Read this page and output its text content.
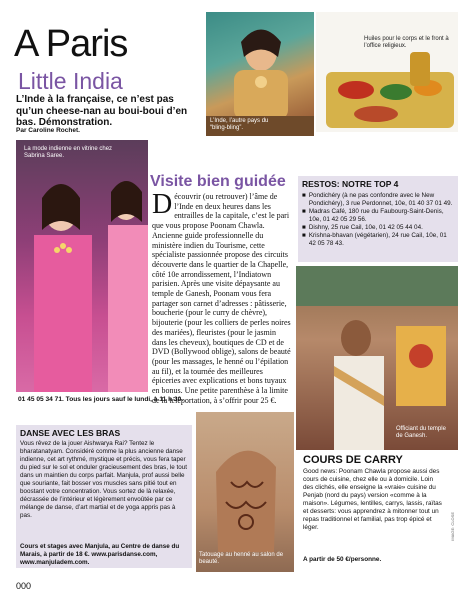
A Paris
Little India
L’Inde à la française, ce n’est pas qu’un cheese-nan au boui-boui d’en bas. Démonstration.
Par Caroline Rochet.
L’Inde, l’autre pays du “bling-bling”.
Huiles pour le corps et le front à l’office religieux.
La mode indienne en vitrine chez Sabrina Saree.
Visite bien guidée
Découvrir (ou retrouver) l’âme de l’Inde en deux heures dans les entrailles de la capitale, c’est le pari que vous propose Poonam Chawla. Ancienne guide professionnelle du ministère indien du Tourisme, cette spécialiste passionnée propose des circuits découverte dans le quartier de la Chapelle, côté 10e arrondissement, l’Indiatown parisien. Après une visite dépaysante au temple de Ganesh, Poonam vous fera partager son carnet d’adresses : pâtisserie, boucherie (pour le curry de chèvre), bijouterie (pour les colliers de perles noires des mariées), fleuristes (pour le jasmin dans les cheveux), boutiques de CD et de DVD (Bollywood oblige), salons de beauté (pour les massages, le henné ou l’épilation au fil), et la tournée des meilleures épiceries avec explications et bons tuyaux en bonus. Une petite parenthèse à la limite de la téléportation, à s’offrir pour 25 €.
01 45 05 34 71. Tous les jours sauf le lundi, à 11 h 30.
RESTOS: NOTRE TOP 4
■ Pondichéry (à ne pas confondre avec le New Pondichéry), 3 rue Perdonnet, 10e, 01 40 37 01 49.
■ Madras Café, 180 rue du Faubourg-Saint-Denis, 10e, 01 42 05 29 56.
■ Dishny, 25 rue Cail, 10e, 01 42 05 44 04.
■ Krishna-bhavan (végétarien), 24 rue Cail, 10e, 01 42 05 78 43.
Officiant du temple de Ganesh.
DANSE AVEC LES BRAS
Vous rêvez de la jouer Aishwarya Rai? Tentez le bharatanatyam. Considéré comme la plus ancienne danse indienne, cet art rythmé, mystique et précis, vous fera taper du pied sur le sol et onduler gracieusement des bras, le tout dans un maintien du corps parfait. Manjula, prof aussi belle que souriante, fait bosser vos muscles sans pitié tout en boostant votre concentration. Vous sortez de là relaxée, décrassée de l’intérieur et légèrement envoûtée par ce mélange de danse, d’art martial et de yoga appris pas à pas.
Cours et stages avec Manjula, au Centre de danse du Marais, à partir de 18 €. www.parisdanse.com, www.manjuladem.com.
Tatouage au henné au salon de beauté.
COURS DE CARRY
Good news: Poonam Chawla propose aussi des cours de cuisine, chez elle ou à domicile. Loin des clichés, elle enseigne la «vraie» cuisine du Penjab (nord du pays) version «comme à la maison». Légumes, lentilles, carrys, lassis, raïtas et desserts: vous apprendrez à mitonner tout un repas traditionnel et familial, pas trop épicé et léger.
A partir de 50 €/personne.
IMAGE: CLOSE
000
